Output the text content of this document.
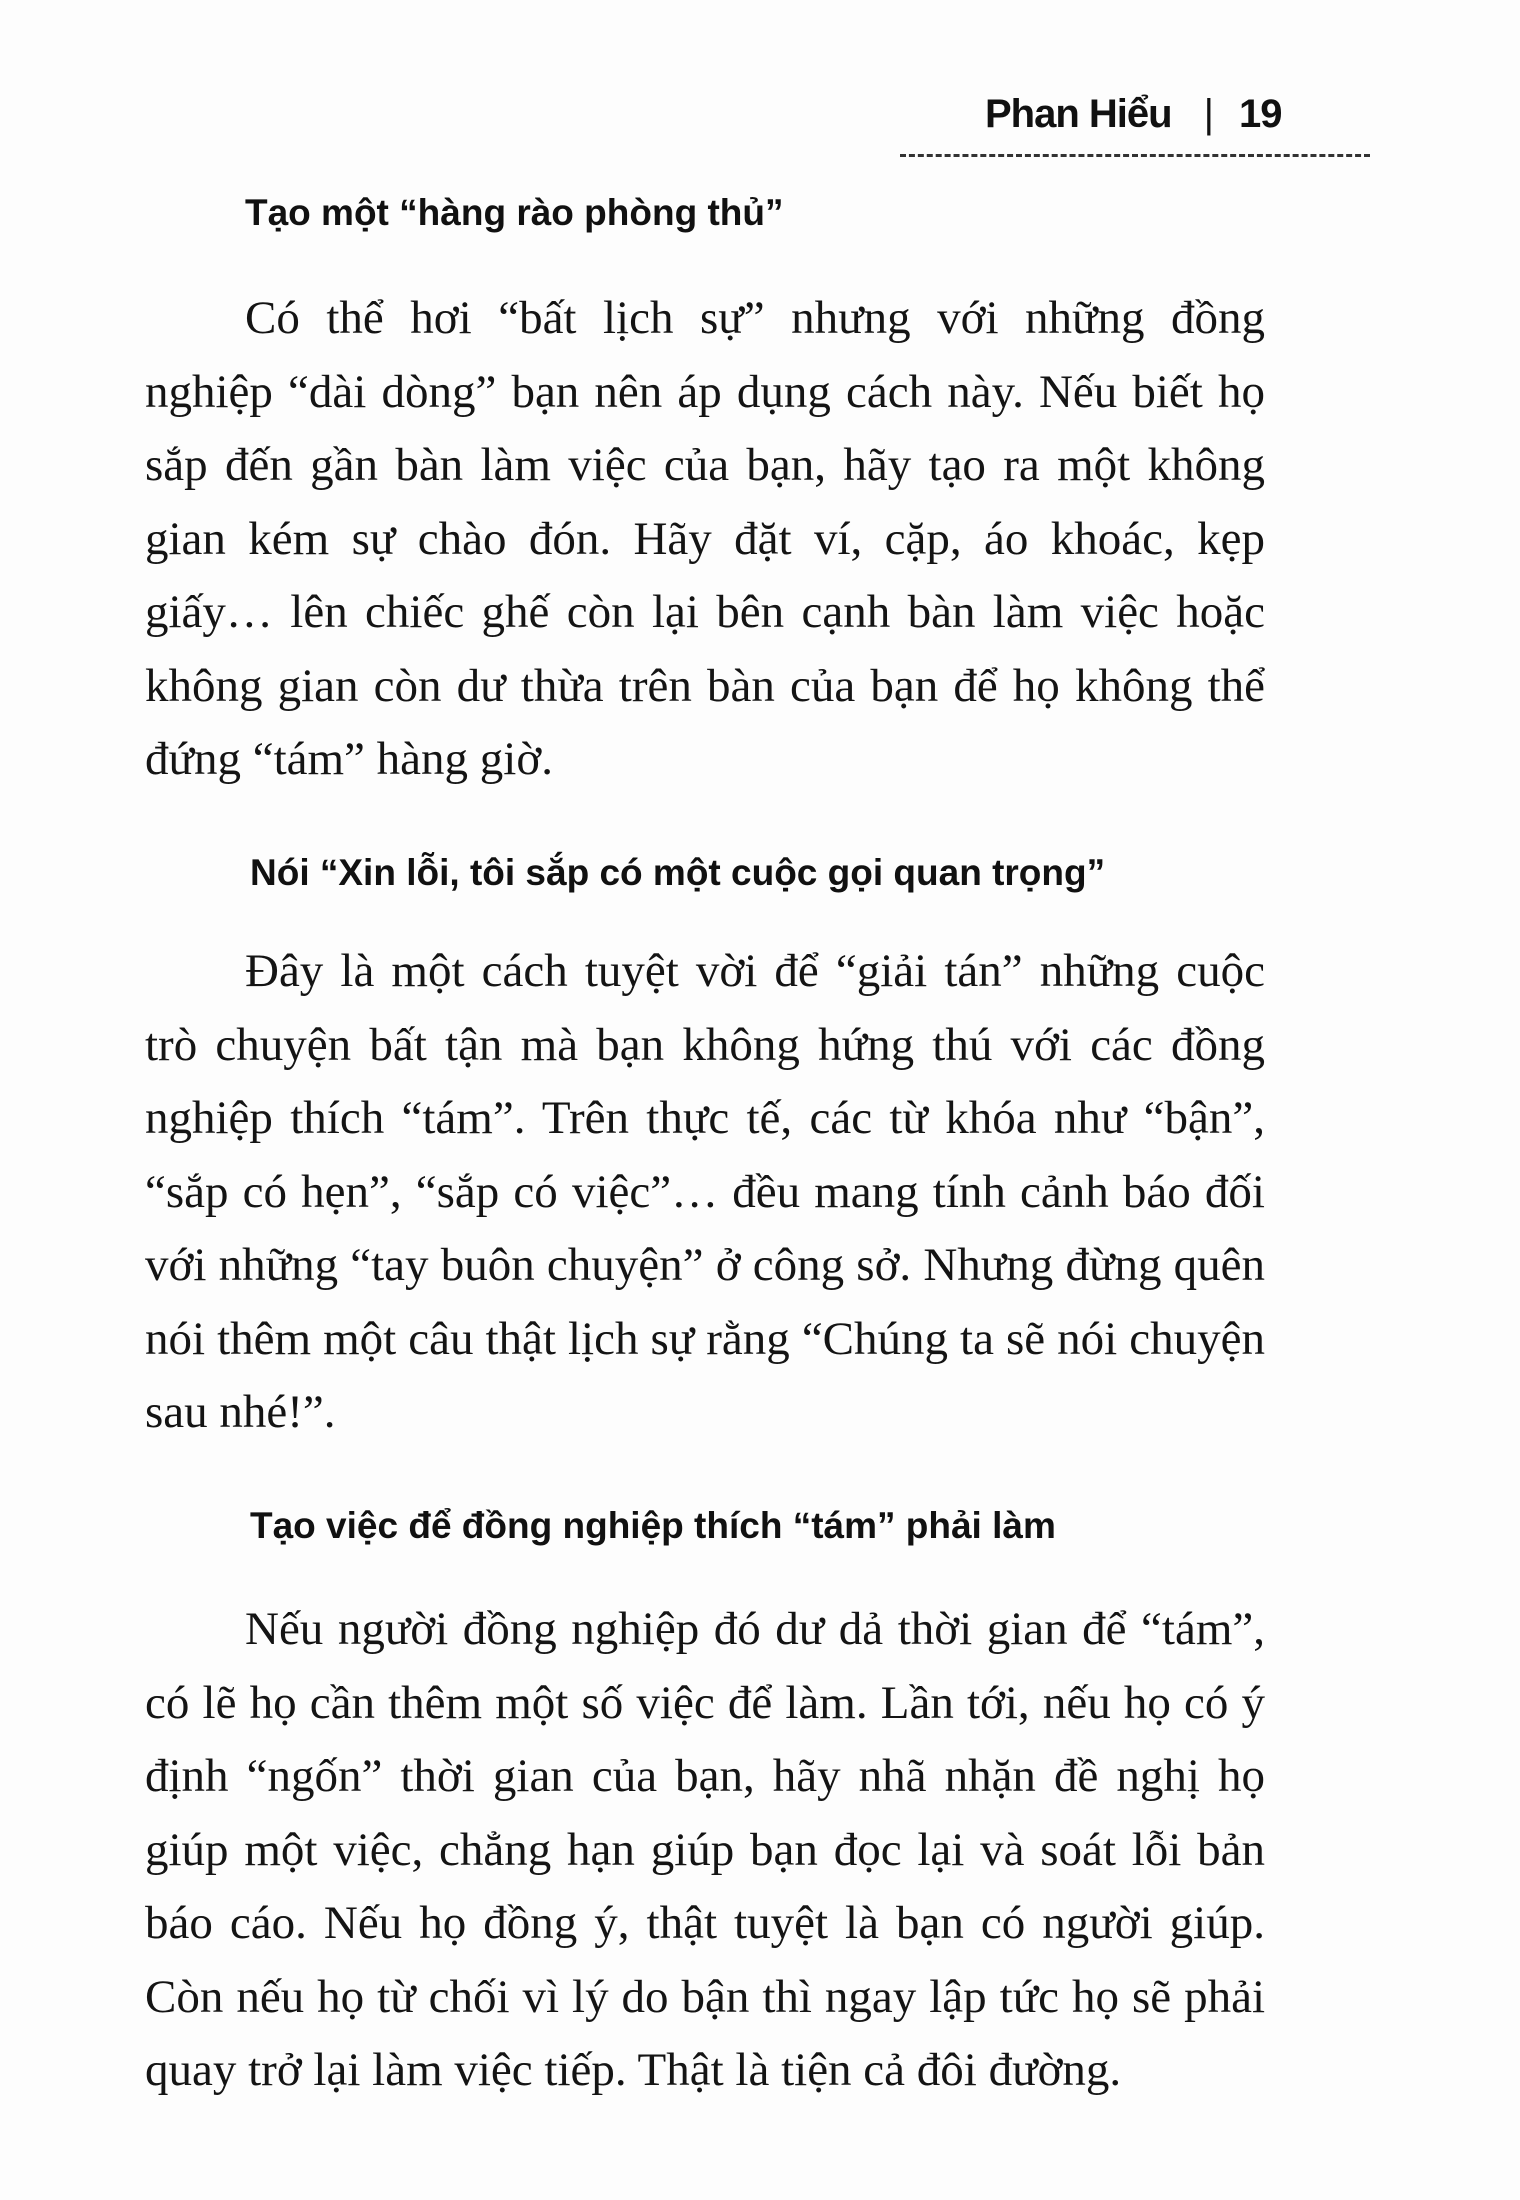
Phan Hiểu | 19
Tạo một “hàng rào phòng thủ”
Có thể hơi “bất lịch sự” nhưng với những đồng nghiệp “dài dòng” bạn nên áp dụng cách này. Nếu biết họ sắp đến gần bàn làm việc của bạn, hãy tạo ra một không gian kém sự chào đón. Hãy đặt ví, cặp, áo khoác, kẹp giấy… lên chiếc ghế còn lại bên cạnh bàn làm việc hoặc không gian còn dư thừa trên bàn của bạn để họ không thể đứng “tám” hàng giờ.
Nói “Xin lỗi, tôi sắp có một cuộc gọi quan trọng”
Đây là một cách tuyệt vời để “giải tán” những cuộc trò chuyện bất tận mà bạn không hứng thú với các đồng nghiệp thích “tám”. Trên thực tế, các từ khóa như “bận”, “sắp có hẹn”, “sắp có việc”… đều mang tính cảnh báo đối với những “tay buôn chuyện” ở công sở. Nhưng đừng quên nói thêm một câu thật lịch sự rằng “Chúng ta sẽ nói chuyện sau nhé!”.
Tạo việc để đồng nghiệp thích “tám” phải làm
Nếu người đồng nghiệp đó dư dả thời gian để “tám”, có lẽ họ cần thêm một số việc để làm. Lần tới, nếu họ có ý định “ngốn” thời gian của bạn, hãy nhã nhặn đề nghị họ giúp một việc, chẳng hạn giúp bạn đọc lại và soát lỗi bản báo cáo. Nếu họ đồng ý, thật tuyệt là bạn có người giúp. Còn nếu họ từ chối vì lý do bận thì ngay lập tức họ sẽ phải quay trở lại làm việc tiếp. Thật là tiện cả đôi đường.
